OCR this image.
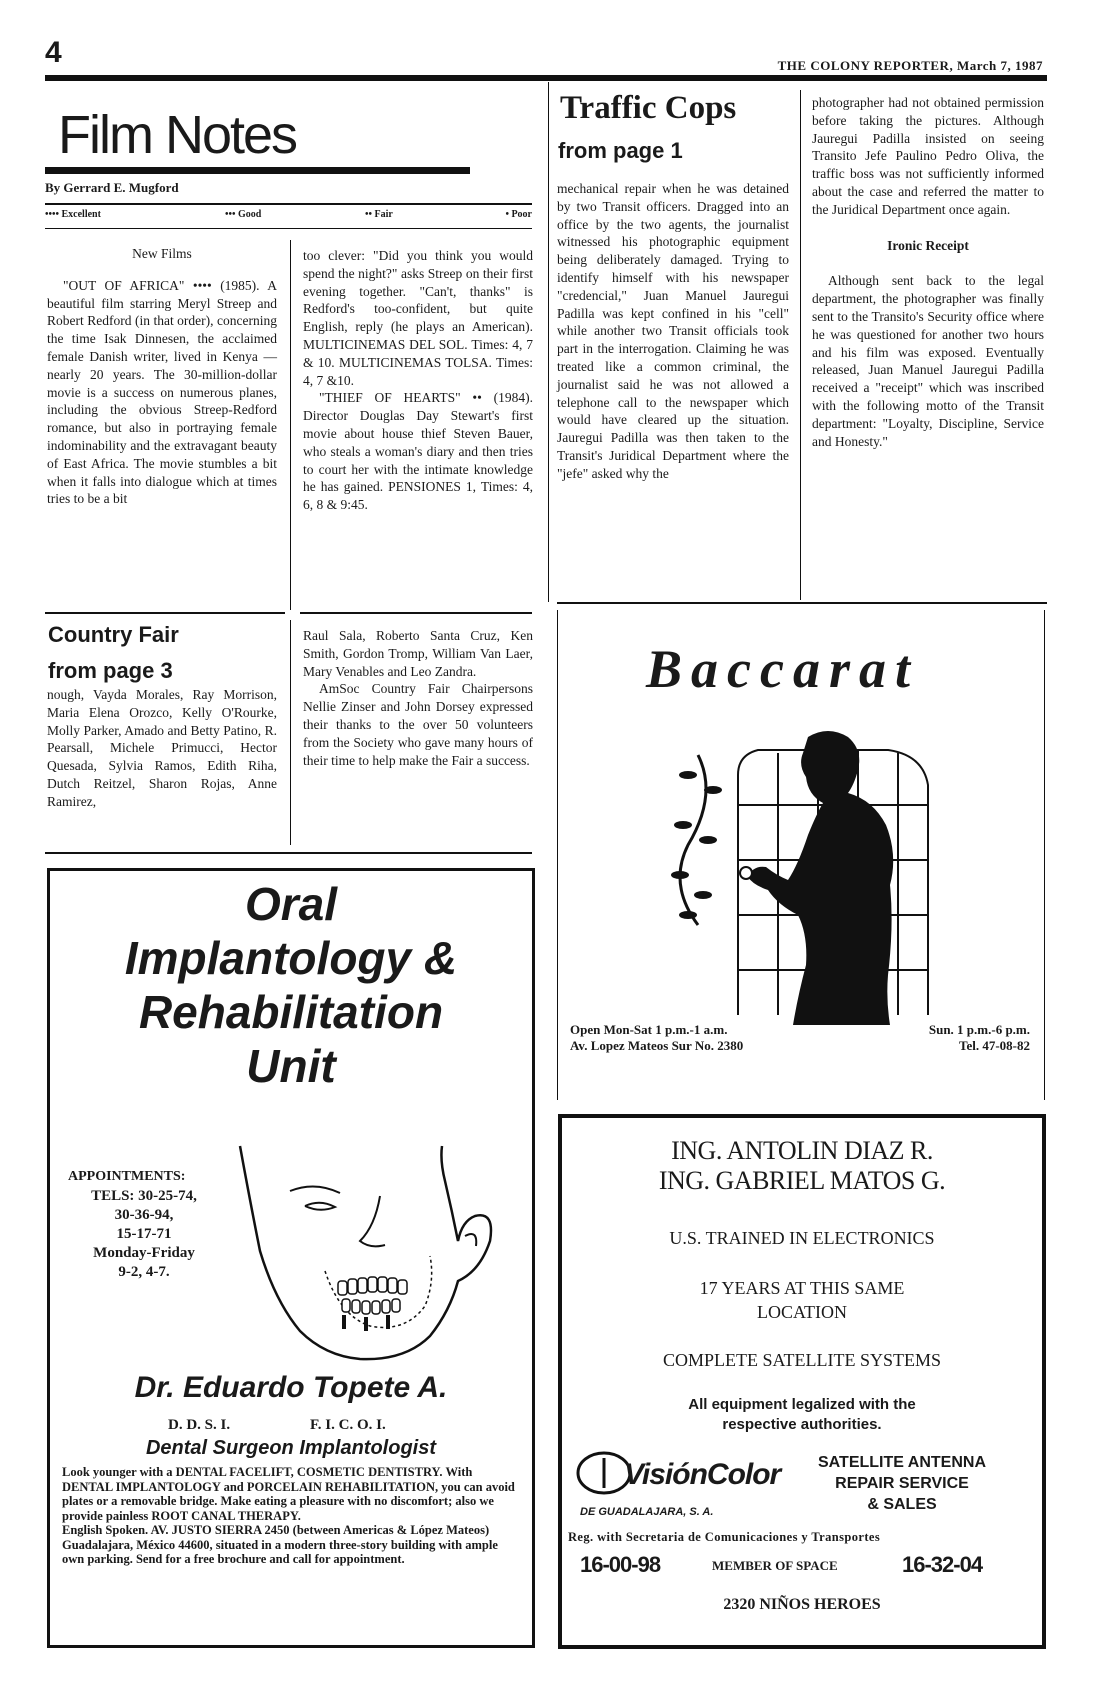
4	THE COLONY REPORTER, March 7, 1987
Film Notes
By Gerrard E. Mugford
•••• Excellent	••• Good	•• Fair	• Poor

New Films

"OUT OF AFRICA" •••• (1985). A beautiful film starring Meryl Streep and Robert Redford (in that order), concerning the time Isak Dinnesen, the acclaimed female Danish writer, lived in Kenya — nearly 20 years. The 30-million-dollar movie is a success on numerous planes, including the obvious Streep-Redford romance, but also in portraying female indominability and the extravagant beauty of East Africa. The movie stumbles a bit when it falls into dialogue which at times tries to be a bit

too clever: "Did you think you would spend the night?" asks Streep on their first evening together. "Can't, thanks" is Redford's too-confident, but quite English, reply (he plays an American). MULTICINEMAS DEL SOL. Times: 4, 7 & 10. MULTICINEMAS TOLSA. Times: 4, 7 &10.

"THIEF OF HEARTS" •• (1984). Director Douglas Day Stewart's first movie about house thief Steven Bauer, who steals a woman's diary and then tries to court her with the intimate knowledge he has gained. PENSIONES 1, Times: 4, 6, 8 & 9:45.

Country Fair
from page 3

nough, Vayda Morales, Ray Morrison, Maria Elena Orozco, Kelly O'Rourke, Molly Parker, Amado and Betty Patino, R. Pearsall, Michele Primucci, Hector Quesada, Sylvia Ramos, Edith Riha, Dutch Reitzel, Sharon Rojas, Anne Ramirez,

Raul Sala, Roberto Santa Cruz, Ken Smith, Gordon Tromp, William Van Laer, Mary Venables and Leo Zandra.

AmSoc Country Fair Chairpersons Nellie Zinser and John Dorsey expressed their thanks to the over 50 volunteers from the Society who gave many hours of their time to help make the Fair a success.

Traffic Cops
from page 1

mechanical repair when he was detained by two Transit officers. Dragged into an office by the two agents, the journalist witnessed his photographic equipment being deliberately damaged. Trying to identify himself with his newspaper "credencial," Juan Manuel Jauregui Padilla was kept confined in his "cell" while another two Transit officials took part in the interrogation. Claiming he was treated like a common criminal, the journalist said he was not allowed a telephone call to the newspaper which would have cleared up the situation. Jauregui Padilla was then taken to the Transit's Juridical Department where the "jefe" asked why the

photographer had not obtained permission before taking the pictures. Although Jauregui Padilla insisted on seeing Transito Jefe Paulino Pedro Oliva, the traffic boss was not sufficiently informed about the case and referred the matter to the Juridical Department once again.

Ironic Receipt

Although sent back to the legal department, the photographer was finally sent to the Transito's Security office where he was questioned for another two hours and his film was exposed. Eventually released, Juan Manuel Jauregui Padilla received a "receipt" which was inscribed with the following motto of the Transit department: "Loyalty, Discipline, Service and Honesty."

Baccarat
Open Mon-Sat 1 p.m.-1 a.m.
Av. Lopez Mateos Sur No. 2380
Sun. 1 p.m.-6 p.m.
Tel. 47-08-82
Oral
Implantology &
Rehabilitation
Unit
APPOINTMENTS:
TELS: 30-25-74,
30-36-94,
15-17-71
Monday-Friday
9-2, 4-7.
Dr. Eduardo Topete A.
D. D. S. I.	F. I. C. O. I.
Dental Surgeon Implantologist
Look younger with a DENTAL FACELIFT, COSMETIC DENTISTRY. With DENTAL IMPLANTOLOGY and PORCELAIN REHABILITATION, you can avoid plates or a removable bridge. Make eating a pleasure with no discomfort; also we provide painless ROOT CANAL THERAPY.
English Spoken. AV. JUSTO SIERRA 2450 (between Americas & López Mateos) Guadalajara, México 44600, situated in a modern three-story building with ample own parking. Send for a free brochure and call for appointment.
ING. ANTOLIN DIAZ R.
ING. GABRIEL MATOS G.
U.S. TRAINED IN ELECTRONICS
17 YEARS AT THIS SAME
LOCATION
COMPLETE SATELLITE SYSTEMS
All equipment legalized with the
respective authorities.
VisiónColor
DE GUADALAJARA, S. A.
SATELLITE ANTENNA
REPAIR SERVICE
& SALES
Reg. with Secretaria de Comunicaciones y Transportes
16-00-98	MEMBER OF SPACE	16-32-04
2320 NIÑOS HEROES
